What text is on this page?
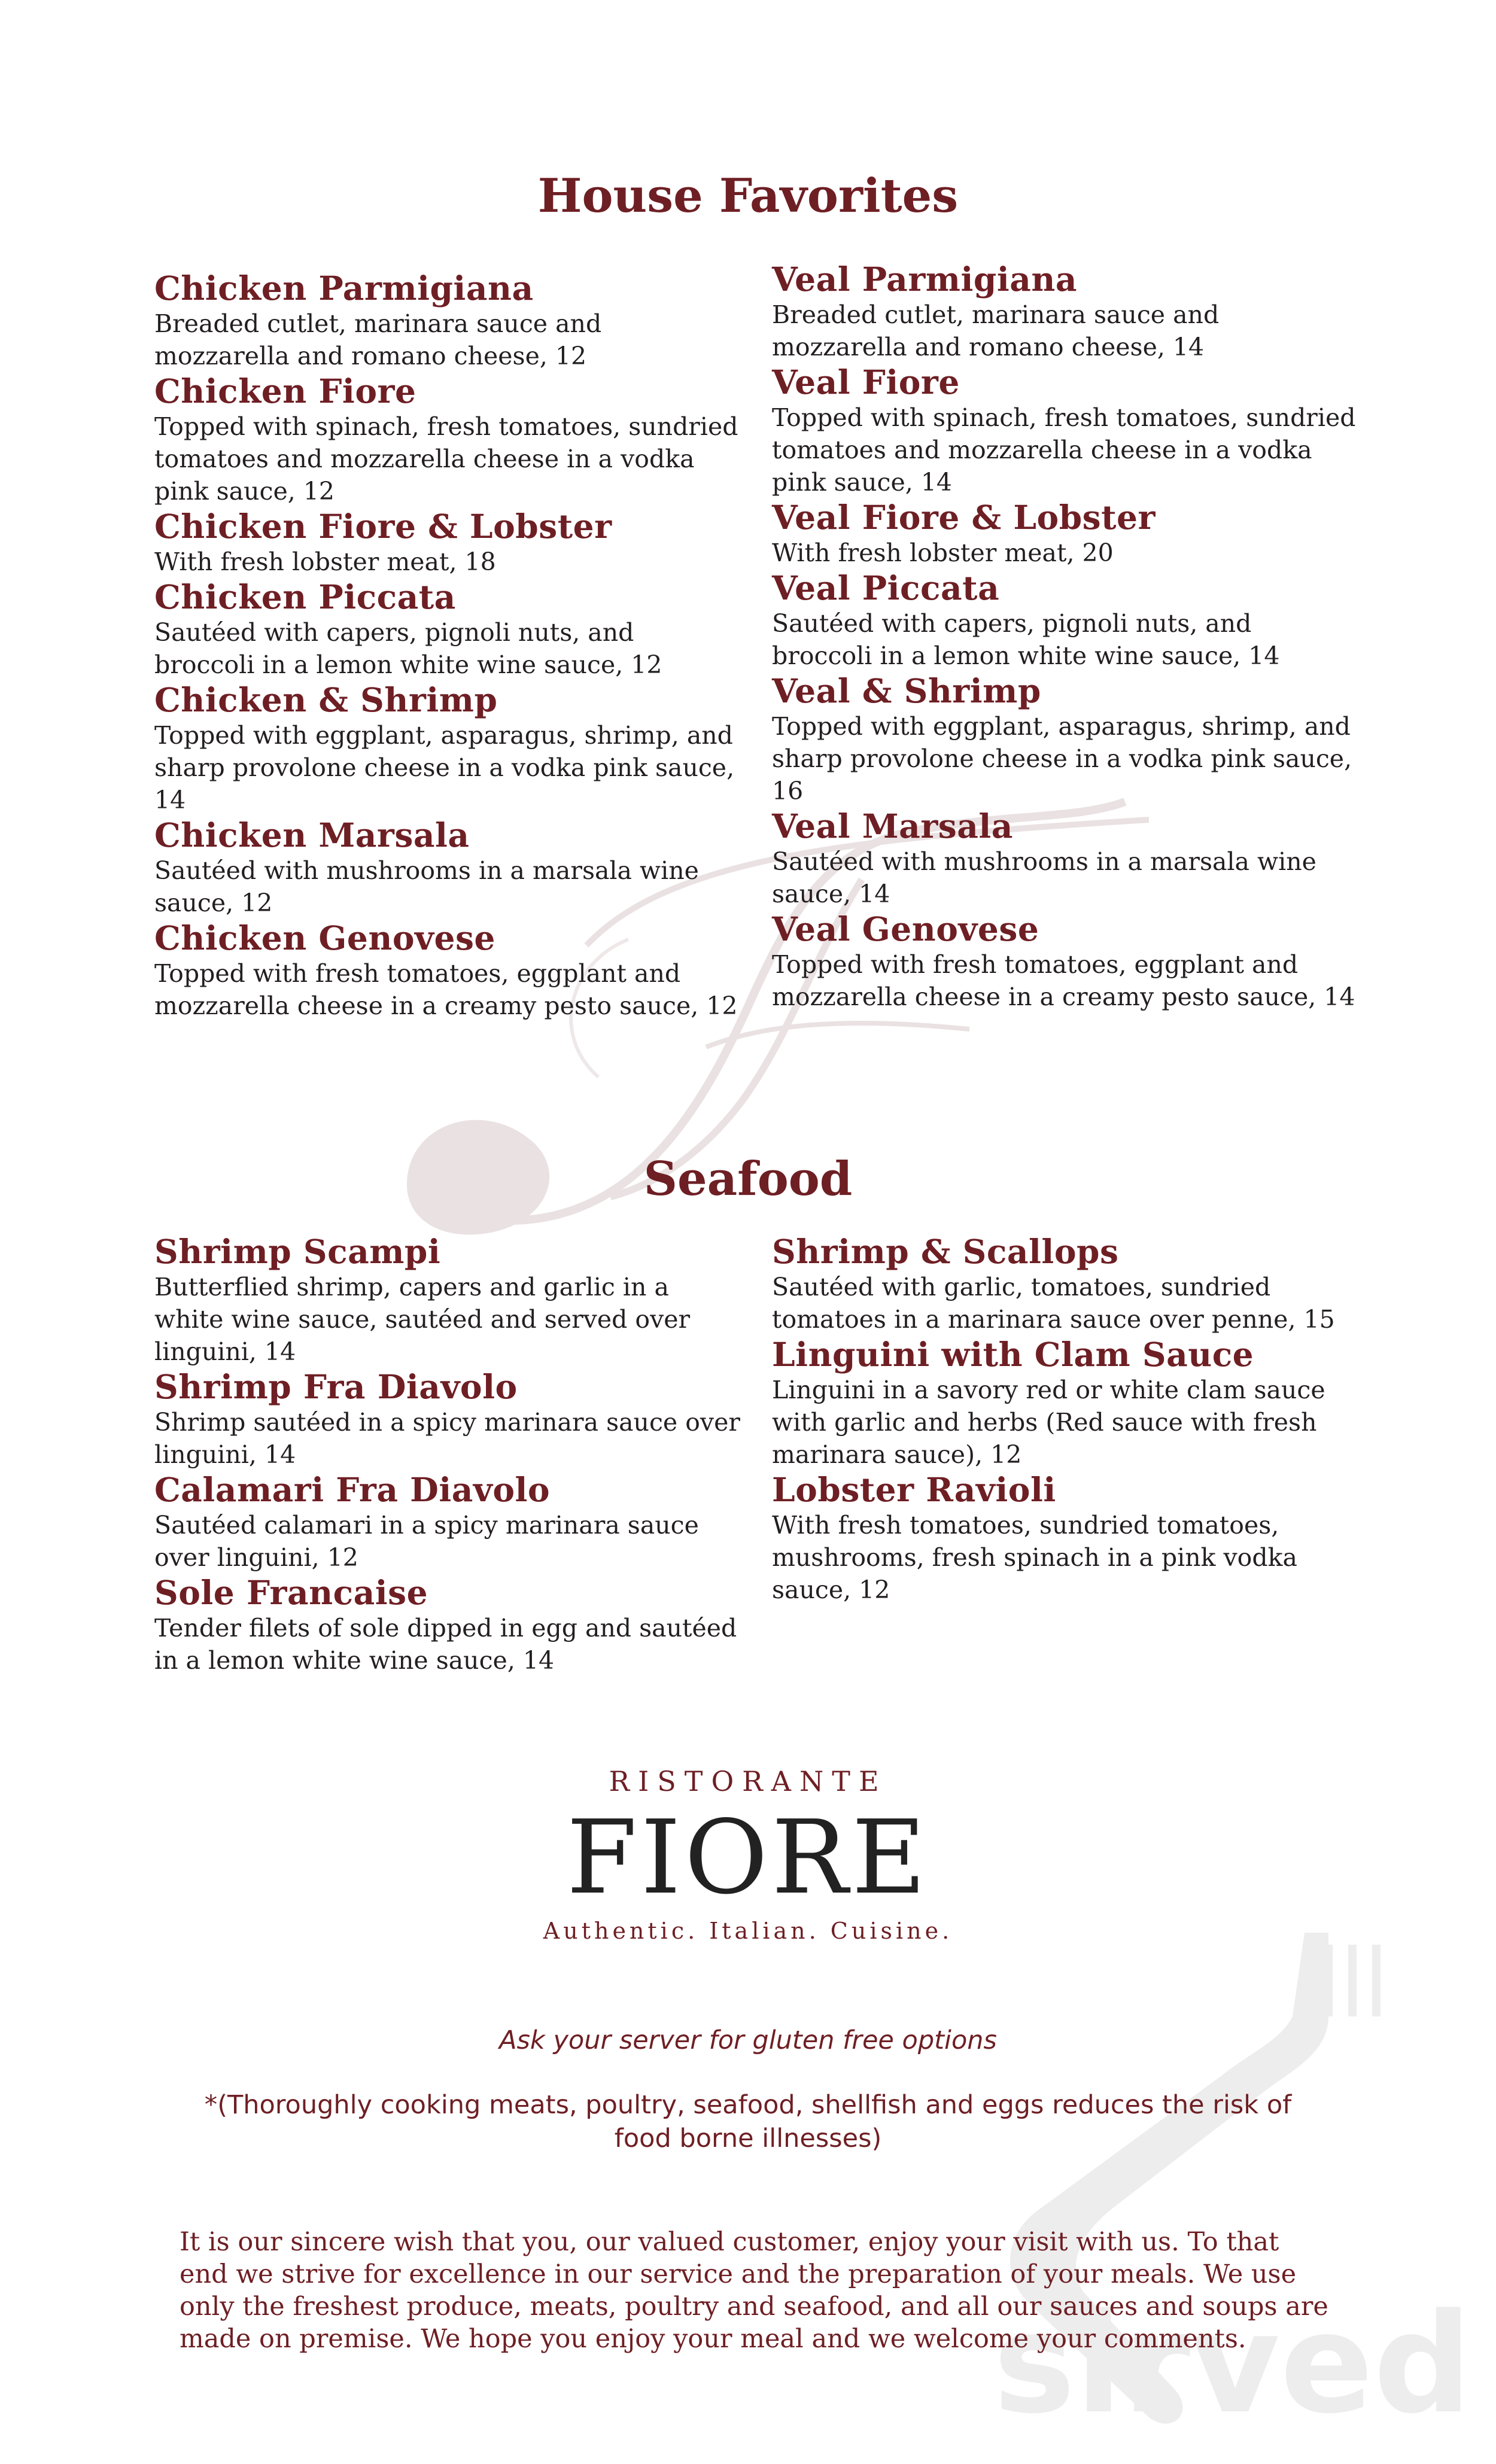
sirved
House Favorites
Chicken Parmigiana
Breaded cutlet, marinara sauce and mozzarella and romano cheese, 12
Chicken Fiore
Topped with spinach, fresh tomatoes, sundried tomatoes and mozzarella cheese in a vodka pink sauce, 12
Chicken Fiore & Lobster
With fresh lobster meat, 18
Chicken Piccata
Sautéed with capers, pignoli nuts, and broccoli in a lemon white wine sauce, 12
Chicken & Shrimp
Topped with eggplant, asparagus, shrimp, and sharp provolone cheese in a vodka pink sauce, 14
Chicken Marsala
Sautéed with mushrooms in a marsala wine sauce, 12
Chicken Genovese
Topped with fresh tomatoes, eggplant and mozzarella cheese in a creamy pesto sauce, 12
Veal Parmigiana
Breaded cutlet, marinara sauce and mozzarella and romano cheese, 14
Veal Fiore
Topped with spinach, fresh tomatoes, sundried tomatoes and mozzarella cheese in a vodka pink sauce, 14
Veal Fiore & Lobster
With fresh lobster meat, 20
Veal Piccata
Sautéed with capers, pignoli nuts, and broccoli in a lemon white wine sauce, 14
Veal & Shrimp
Topped with eggplant, asparagus, shrimp, and sharp provolone cheese in a vodka pink sauce, 16
Veal Marsala
Sautéed with mushrooms in a marsala wine sauce, 14
Veal Genovese
Topped with fresh tomatoes, eggplant and mozzarella cheese in a creamy pesto sauce, 14
Seafood
Shrimp Scampi
Butterflied shrimp, capers and garlic in a white wine sauce, sautéed and served over linguini, 14
Shrimp Fra Diavolo
Shrimp sautéed in a spicy marinara sauce over linguini, 14
Calamari Fra Diavolo
Sautéed calamari in a spicy marinara sauce over linguini, 12
Sole Francaise
Tender filets of sole dipped in egg and sautéed in a lemon white wine sauce, 14
Shrimp & Scallops
Sautéed with garlic, tomatoes, sundried tomatoes in a marinara sauce over penne, 15
Linguini with Clam Sauce
Linguini in a savory red or white clam sauce with garlic and herbs (Red sauce with fresh marinara sauce), 12
Lobster Ravioli
With fresh tomatoes, sundried tomatoes, mushrooms, fresh spinach in a pink vodka sauce, 12
RISTORANTE
FIORE
Authentic. Italian. Cuisine.
Ask your server for gluten free options
*(Thoroughly cooking meats, poultry, seafood, shellfish and eggs reduces the risk of food borne illnesses)
It is our sincere wish that you, our valued customer, enjoy your visit with us. To that end we strive for excellence in our service and the preparation of your meals. We use only the freshest produce, meats, poultry and seafood, and all our sauces and soups are made on premise. We hope you enjoy your meal and we welcome your comments.
